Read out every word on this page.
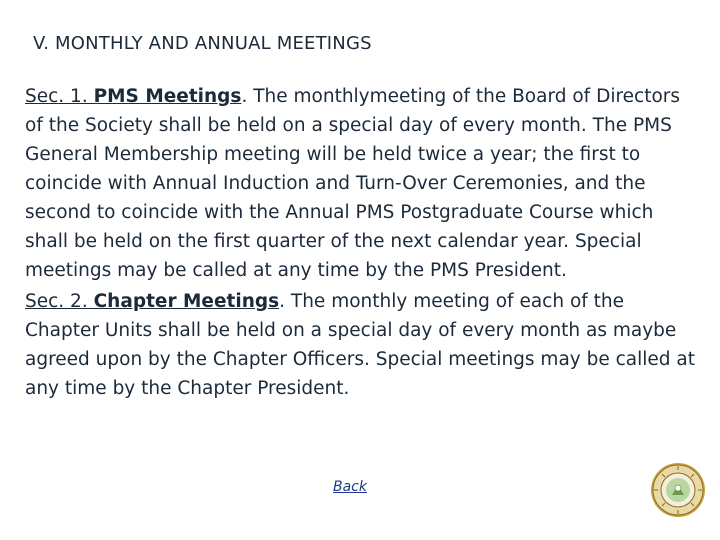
V. MONTHLY AND ANNUAL MEETINGS

Sec. 1. PMS Meetings. The monthlymeeting of the Board of Directors of the Society shall be held on a special day of every month. The PMS General Membership meeting will be held twice a year; the first to coincide with Annual Induction and Turn-Over Ceremonies, and the second to coincide with the Annual PMS Postgraduate Course which shall be held on the first quarter of the next calendar year. Special meetings may be called at any time by the PMS President.

Sec. 2. Chapter Meetings. The monthly meeting of each of the Chapter Units shall be held on a special day of every month as maybe agreed upon by the Chapter Officers. Special meetings may be called at any time by the Chapter President.

Back
